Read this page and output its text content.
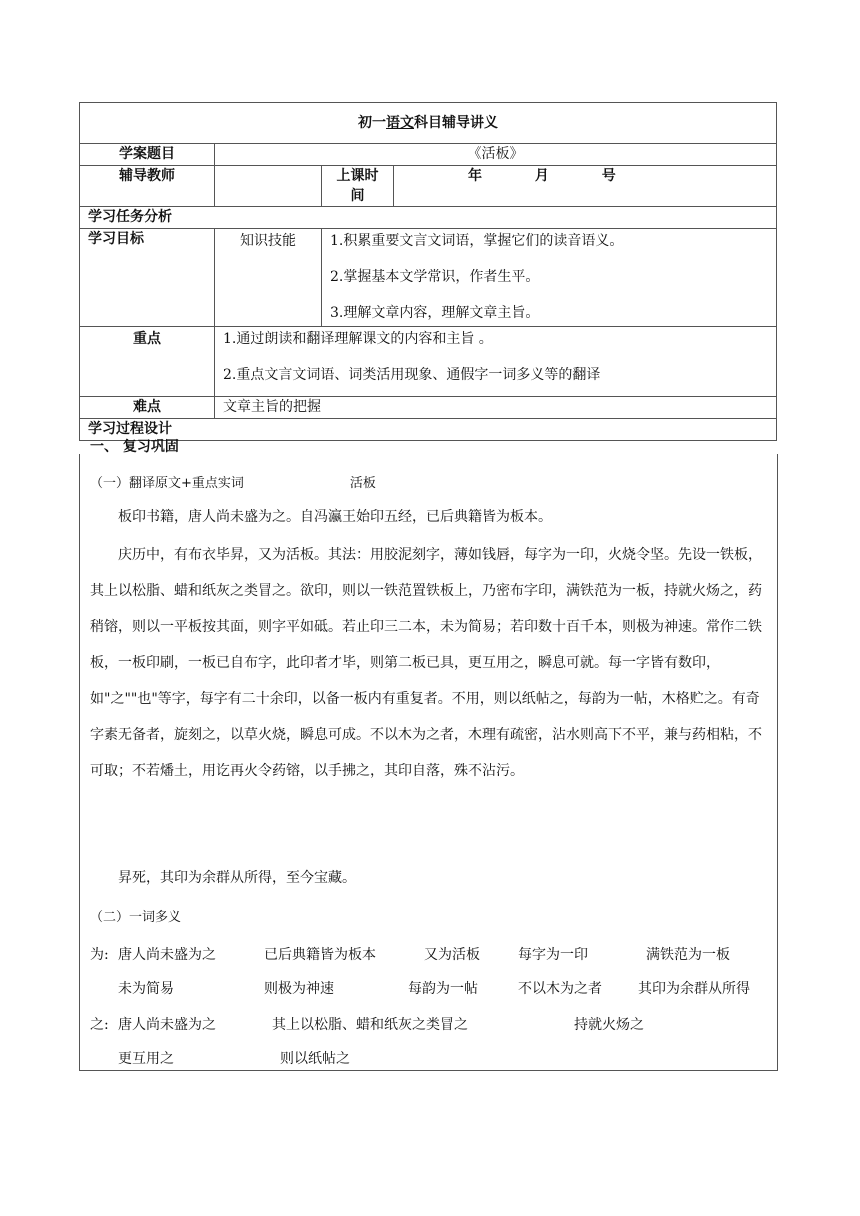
初一语文科目辅导讲义			
学案题目	《活板》		
辅导教师		上课时间	年 月 号
学习任务分析			
学习目标	知识技能	1.积累重要文言文词语，掌握它们的读音语义。

2.掌握基本文学常识，作者生平。

3.理解文章内容，理解文章主旨。	

重点	1.通过朗读和翻译理解课文的内容和主旨 。

2.重点文言文词语、词类活用现象、通假字一词多义等的翻译		

难点	文章主旨的把握		
学习过程设计			
一、 复习巩固
（一）翻译原文+重点实词	活板

板印书籍，唐人尚未盛为之。自冯瀛王始印五经，已后典籍皆为板本。

庆历中，有布衣毕昇，又为活板。其法：用胶泥刻字，薄如钱唇，每字为一印，火烧令坚。先设一铁板，其上以松脂、蜡和纸灰之类冒之。欲印，则以一铁范置铁板上，乃密布字印，满铁范为一板，持就火炀之，药稍镕，则以一平板按其面，则字平如砥。若止印三二本，未为简易；若印数十百千本，则极为神速。常作二铁板，一板印刷，一板已自布字，此印者才毕，则第二板已具，更互用之，瞬息可就。每一字皆有数印，如"之""也"等字，每字有二十余印，以备一板内有重复者。不用，则以纸帖之，每韵为一帖，木格贮之。有奇字素无备者，旋刻之，以草火烧，瞬息可成。不以木为之者，木理有疏密，沾水则高下不平，兼与药相粘，不可取；不若燔土，用讫再火令药镕，以手拂之，其印自落，殊不沾污。

昇死，其印为余群从所得，至今宝藏。

（二）一词多义
为: 唐人尚未盛为之	已后典籍皆为板本	又为活板	每字为一印	满铁范为一板
未为简易	则极为神速	每韵为一帖	不以木为之者	其印为余群从所得
之: 唐人尚未盛为之	其上以松脂、蜡和纸灰之类冒之	持就火炀之
更互用之	则以纸帖之
